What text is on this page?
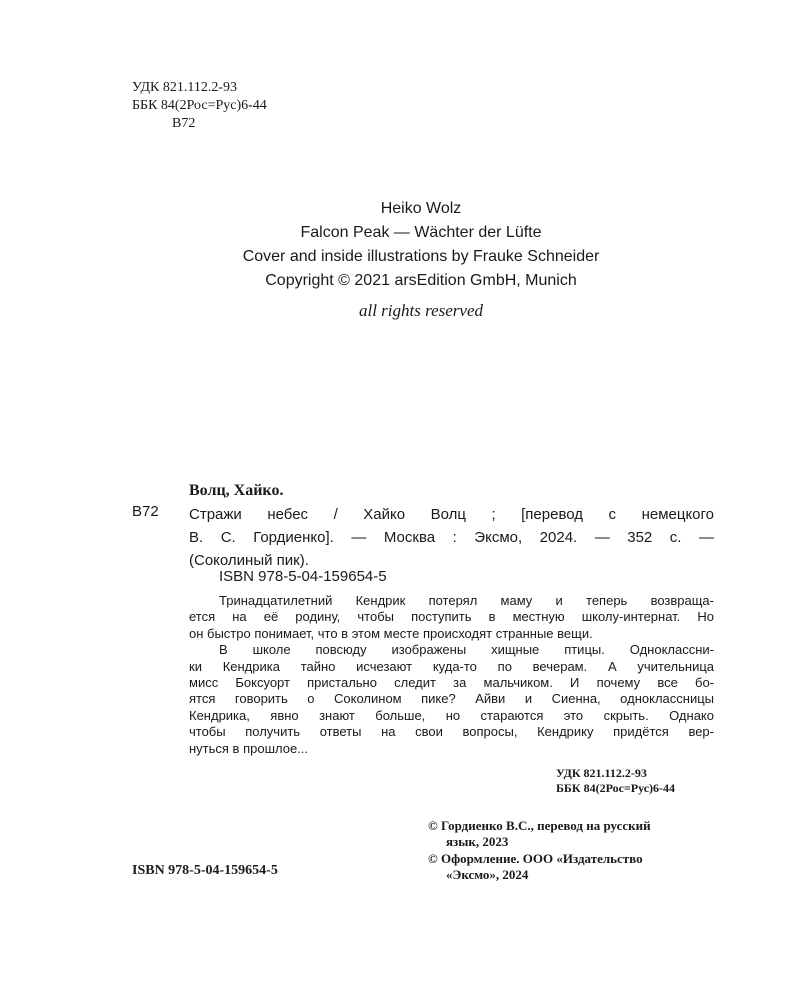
УДК 821.112.2-93
ББК 84(2Рос=Рус)6-44
В72
Heiko Wolz
Falcon Peak — Wächter der Lüfte
Cover and inside illustrations by Frauke Schneider
Copyright © 2021 arsEdition GmbH, Munich
all rights reserved
Волц, Хайко.
В72 Стражи небес / Хайко Волц ; [перевод с немецкого
В. С. Гордиенко]. — Москва : Эксмо, 2024. — 352 с. —
(Соколиный пик).
ISBN 978-5-04-159654-5
Тринадцатилетний Кендрик потерял маму и теперь возвраща-
ется на её родину, чтобы поступить в местную школу-интернат. Но
он быстро понимает, что в этом месте происходят странные вещи.
В школе повсюду изображены хищные птицы. Одноклассни-
ки Кендрика тайно исчезают куда-то по вечерам. А учительница
мисс Боксуорт пристально следит за мальчиком. И почему все бо-
ятся говорить о Соколином пике? Айви и Сиенна, одноклассницы
Кендрика, явно знают больше, но стараются это скрыть. Однако
чтобы получить ответы на свои вопросы, Кендрику придётся вер-
нуться в прошлое...
УДК 821.112.2-93
ББК 84(2Рос=Рус)6-44
© Гордиенко В.С., перевод на русский
язык, 2023
© Оформление. ООО «Издательство
«Эксмо», 2024
ISBN 978-5-04-159654-5
